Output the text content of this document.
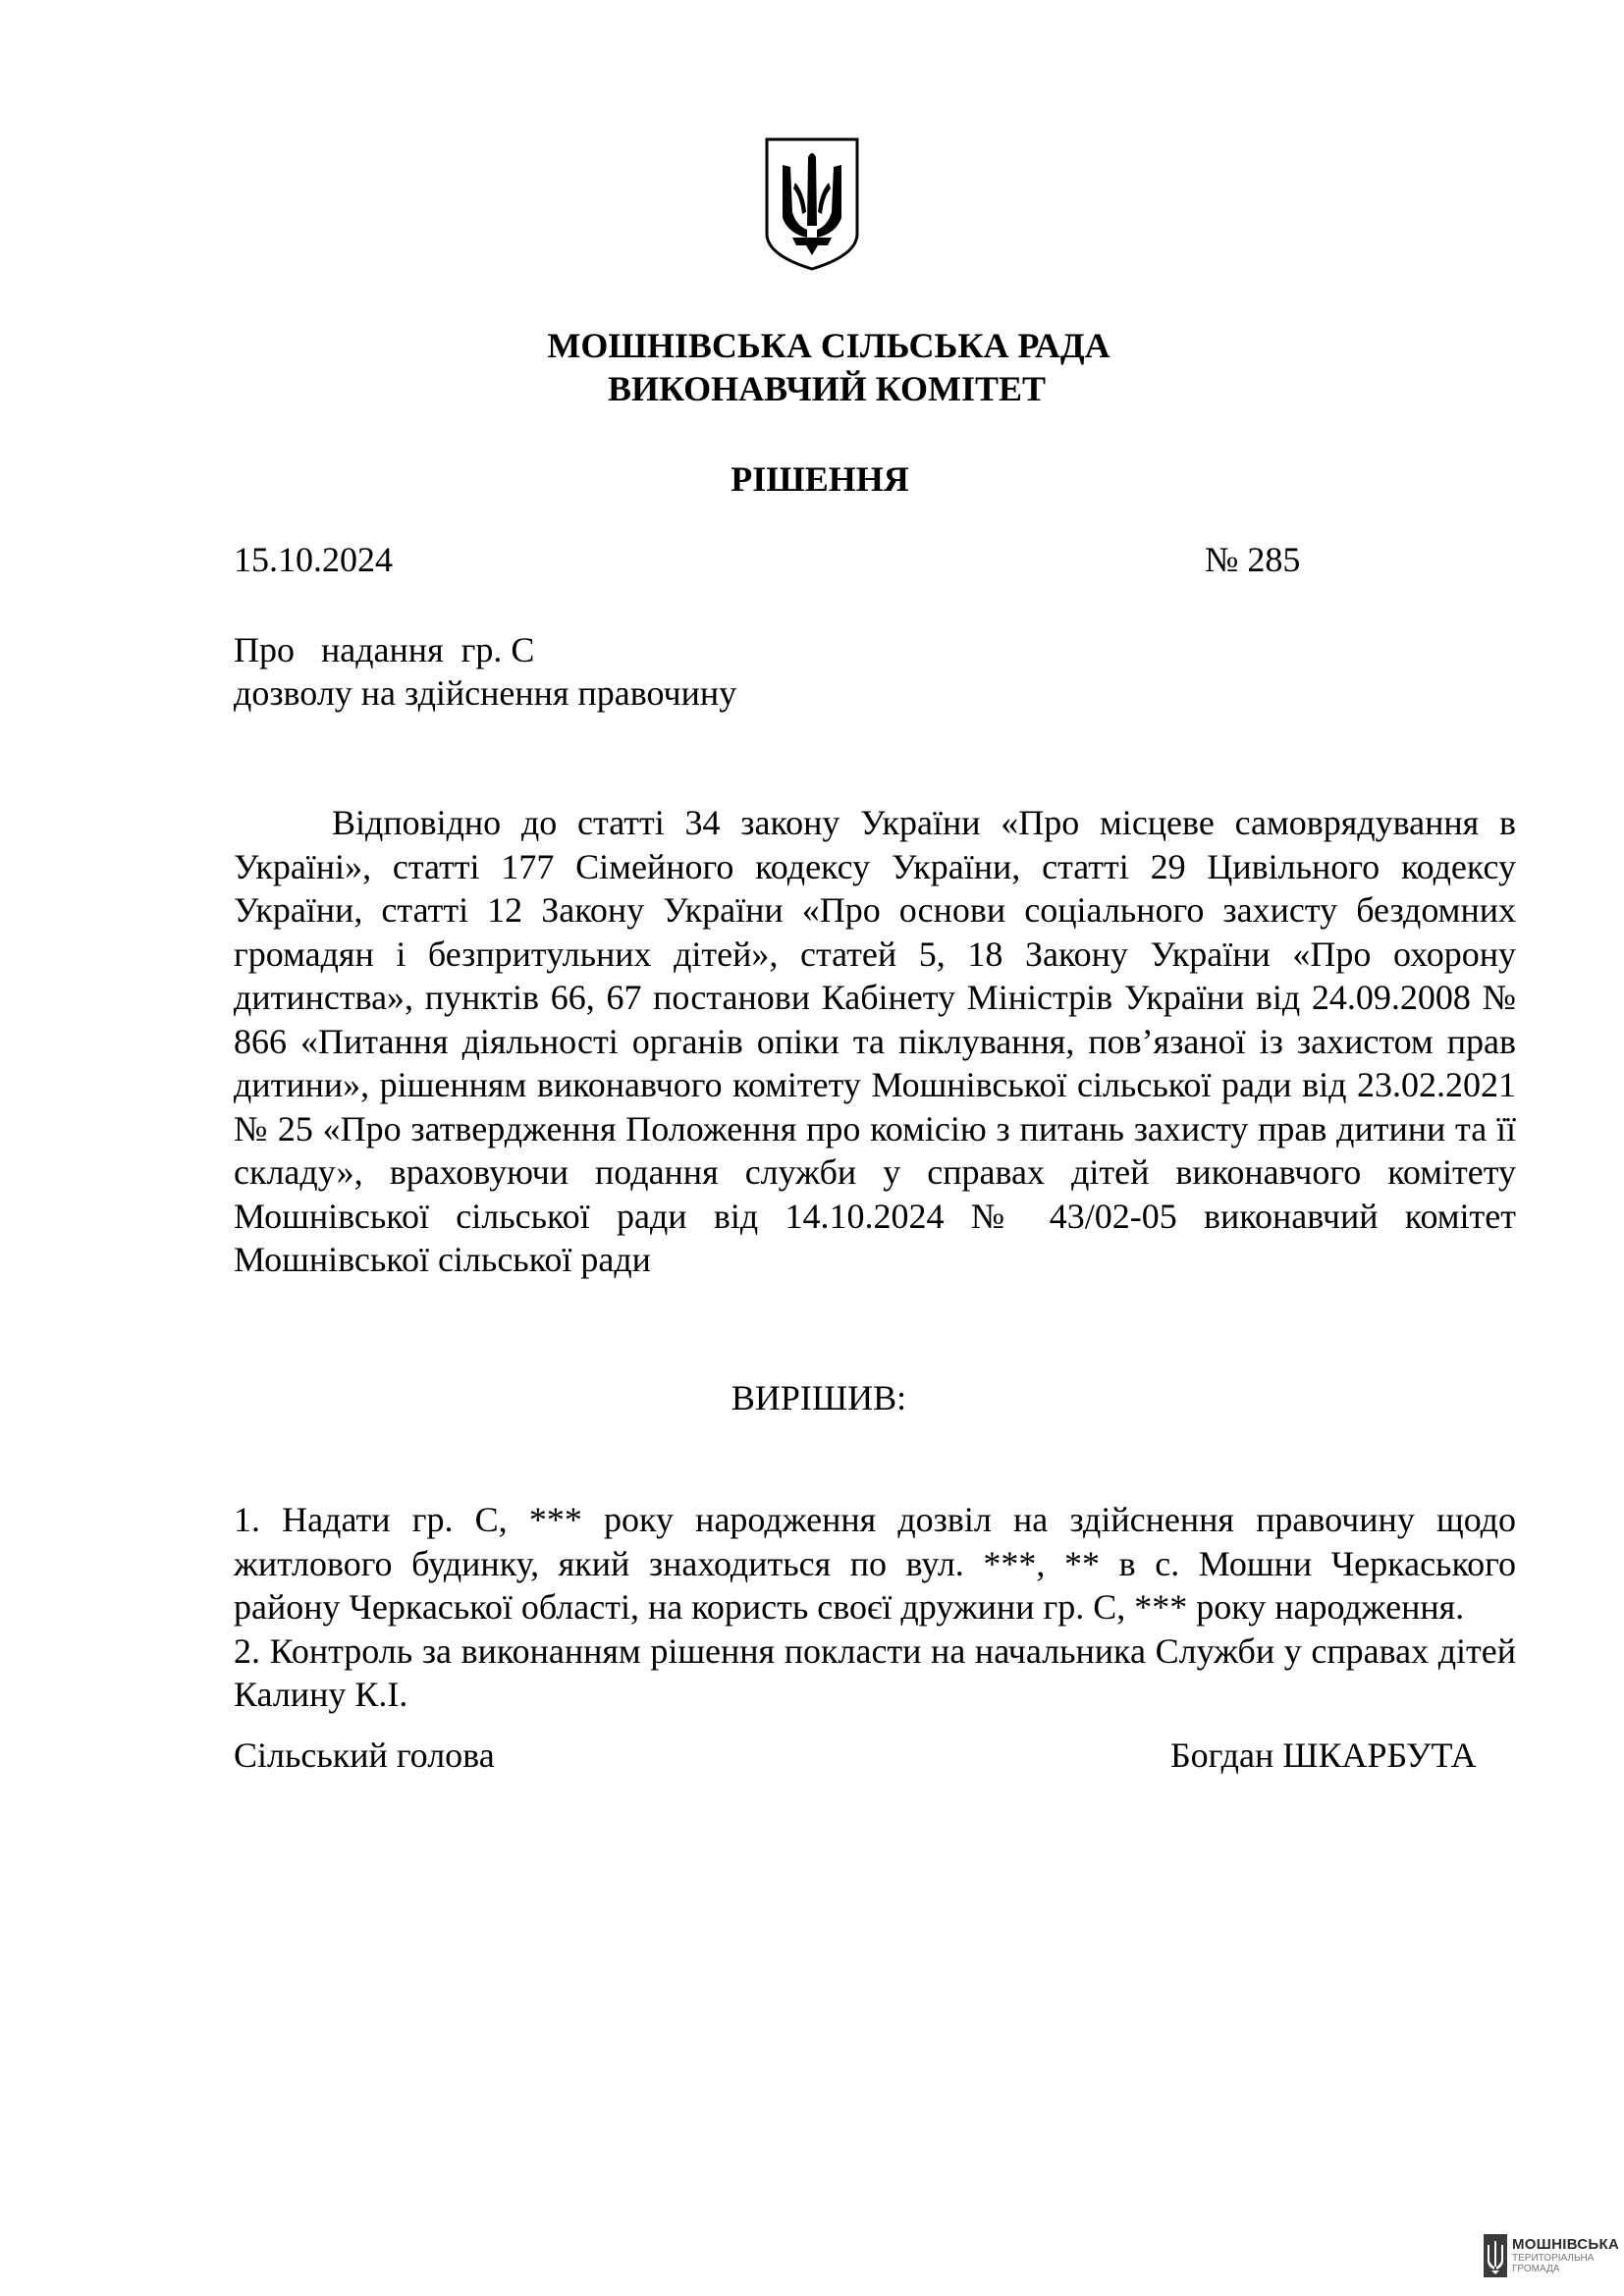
МОШНІВСЬКА СІЛЬСЬКА РАДА
ВИКОНАВЧИЙ КОМІТЕТ
РІШЕННЯ
15.10.2024	№ 285
Про   надання  гр. С
дозволу на здійснення правочину

Відповідно до статті 34 закону України «Про місцеве самоврядування в Україні», статті 177 Сімейного кодексу України, статті 29 Цивільного кодексу України, статті 12 Закону України «Про основи соціального захисту бездомних громадян і безпритульних дітей», статей 5, 18 Закону України «Про охорону дитинства», пунктів 66, 67 постанови Кабінету Міністрів України від 24.09.2008 № 866 «Питання діяльності органів опіки та піклування, пов’язаної із захистом прав дитини», рішенням виконавчого комітету Мошнівської сільської ради від 23.02.2021 № 25 «Про затвердження Положення про комісію з питань захисту прав дитини та її складу», враховуючи подання служби у справах дітей виконавчого комітету Мошнівської сільської ради від 14.10.2024 № 43/02-05 виконавчий комітет Мошнівської сільської ради

ВИРІШИВ:

1. Надати гр. С, *** року народження дозвіл на здійснення правочину щодо житлового будинку, який знаходиться по вул. ***, ** в с. Мошни Черкаського району Черкаської області, на користь своєї дружини гр. С, *** року народження.

2. Контроль за виконанням рішення покласти на начальника Служби у справах дітей Калину К.І.

Сільський голова	Богдан ШКАРБУТА
МОШНІВСЬКА
ТЕРИТОРІАЛЬНА
ГРОМАДА
